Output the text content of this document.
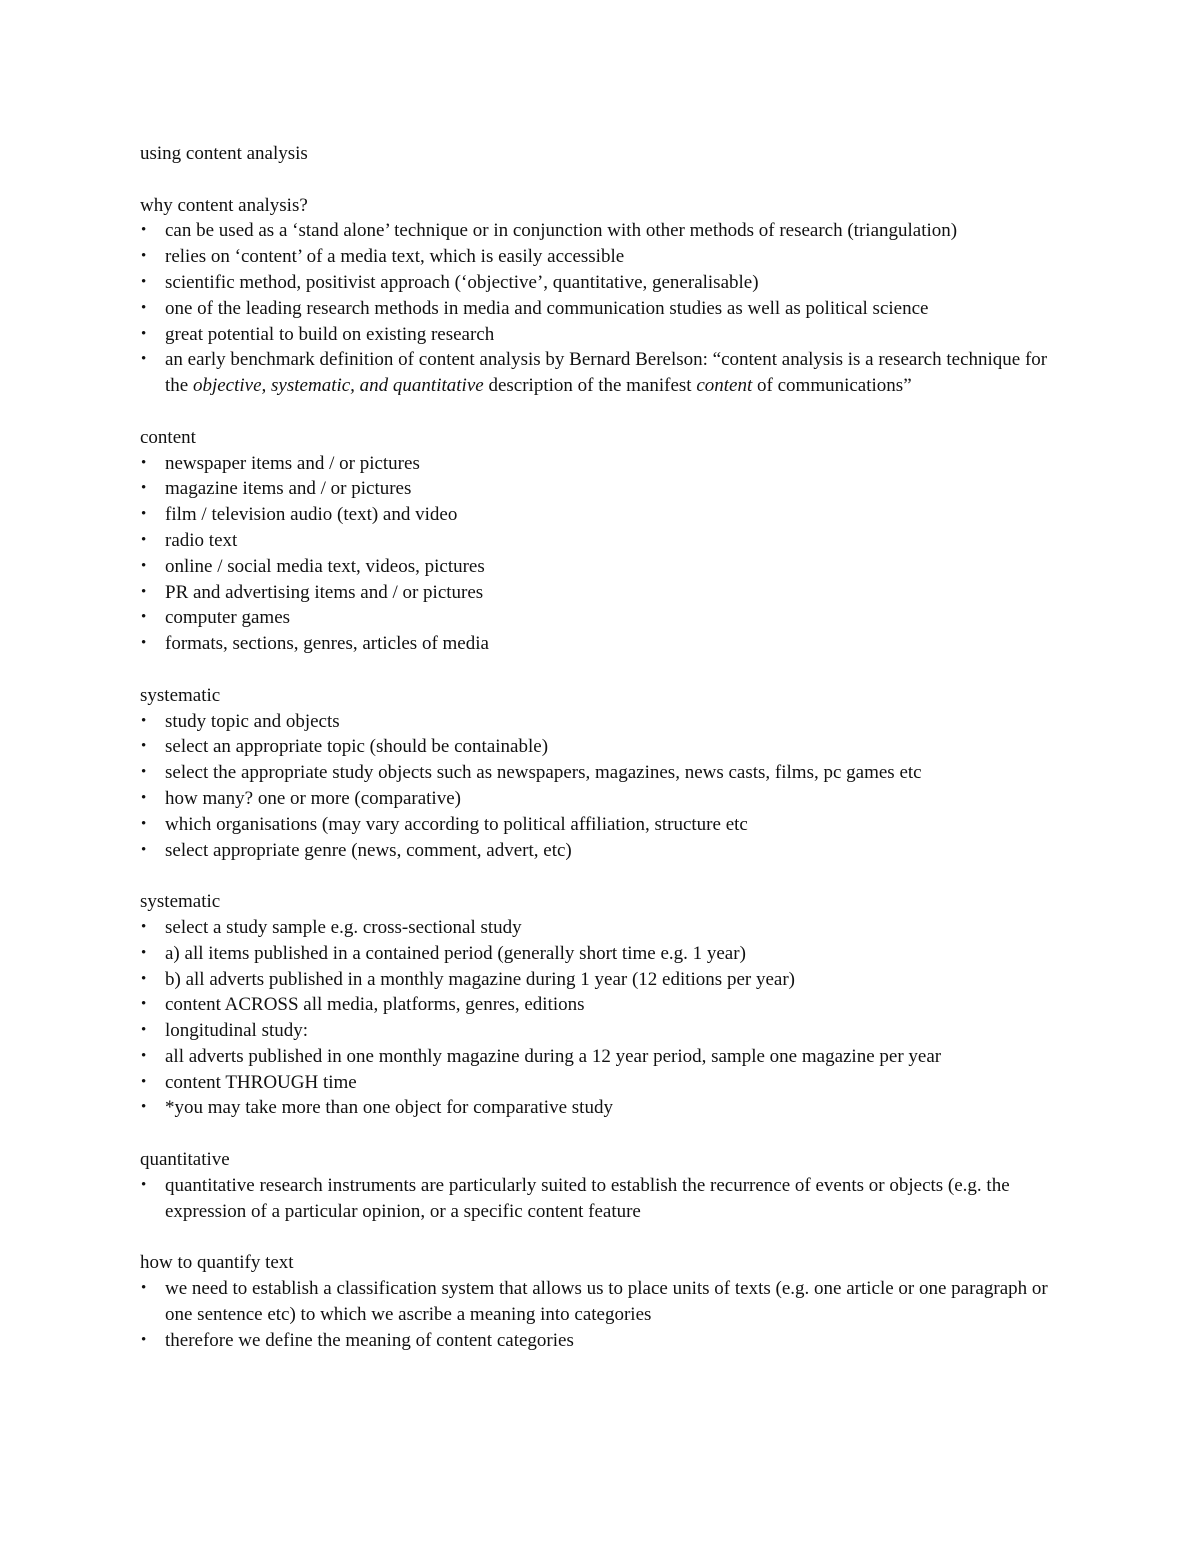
using content analysis
why content analysis?
• can be used as a ‘stand alone’ technique or in conjunction with other methods of research (triangulation)
• relies on ‘content’ of a media text, which is easily accessible
• scientific method, positivist approach (‘objective’, quantitative, generalisable)
• one of the leading research methods in media and communication studies as well as political science
• great potential to build on existing research
• an early benchmark definition of content analysis by Bernard Berelson: “content analysis is a research technique for the objective, systematic, and quantitative description of the manifest content of communications”
content
• newspaper items and / or pictures
• magazine items and / or pictures
• film / television audio (text) and video
• radio text
• online / social media text, videos, pictures
• PR and advertising items and / or pictures
• computer games
• formats, sections, genres, articles of media
systematic
• study topic and objects
• select an appropriate topic (should be containable)
• select the appropriate study objects such as newspapers, magazines, news casts, films, pc games etc
• how many? one or more (comparative)
• which organisations (may vary according to political affiliation, structure etc
• select appropriate genre (news, comment, advert, etc)
systematic
• select a study sample e.g. cross-sectional study
• a) all items published in a contained period (generally short time e.g. 1 year)
• b) all adverts published in a monthly magazine during 1 year (12 editions per year)
• content ACROSS all media, platforms, genres, editions
• longitudinal study:
• all adverts published in one monthly magazine during a 12 year period, sample one magazine per year
• content THROUGH time
• *you may take more than one object for comparative study
quantitative
• quantitative research instruments are particularly suited to establish the recurrence of events or objects (e.g. the expression of a particular opinion, or a specific content feature
how to quantify text
• we need to establish a classification system that allows us to place units of texts (e.g. one article or one paragraph or one sentence etc) to which we ascribe a meaning into categories
• therefore we define the meaning of content categories
